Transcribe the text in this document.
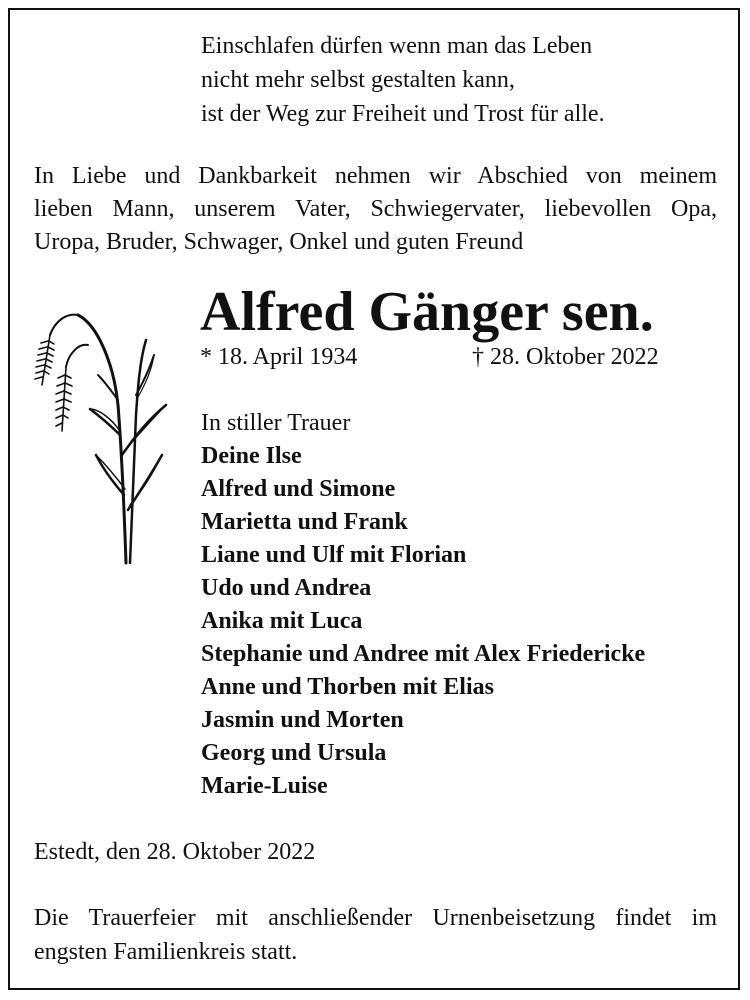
Einschlafen dürfen wenn man das Leben
nicht mehr selbst gestalten kann,
ist der Weg zur Freiheit und Trost für alle.
In Liebe und Dankbarkeit nehmen wir Abschied von meinem
lieben Mann, unserem Vater, Schwiegervater, liebevollen Opa,
Uropa, Bruder, Schwager, Onkel und guten Freund
Alfred Gänger sen.
* 18. April 1934	† 28. Oktober 2022
In stiller Trauer
Deine Ilse
Alfred und Simone
Marietta und Frank
Liane und Ulf mit Florian
Udo und Andrea
Anika mit Luca
Stephanie und Andree mit Alex Friedericke
Anne und Thorben mit Elias
Jasmin und Morten
Georg und Ursula
Marie-Luise
Estedt, den 28. Oktober 2022
Die Trauerfeier mit anschließender Urnenbeisetzung findet im
engsten Familienkreis statt.
